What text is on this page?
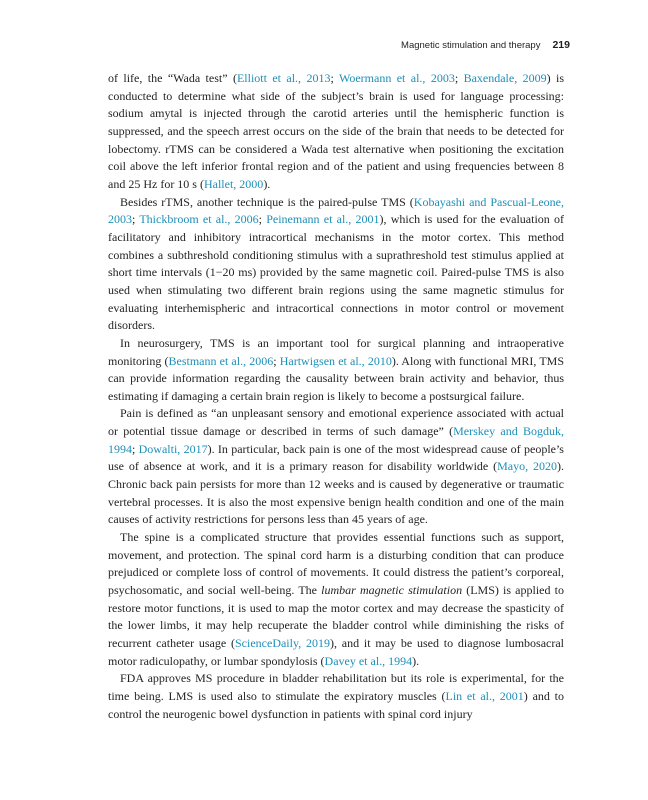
Magnetic stimulation and therapy 219

of life, the “Wada test” (Elliott et al., 2013; Woermann et al., 2003; Baxendale, 2009) is conducted to determine what side of the subject’s brain is used for language processing: sodium amytal is injected through the carotid arteries until the hemispheric function is suppressed, and the speech arrest occurs on the side of the brain that needs to be detected for lobectomy. rTMS can be considered a Wada test alternative when positioning the excitation coil above the left inferior frontal region and of the patient and using frequencies between 8 and 25 Hz for 10 s (Hallet, 2000).

Besides rTMS, another technique is the paired-pulse TMS (Kobayashi and Pascual-Leone, 2003; Thickbroom et al., 2006; Peinemann et al., 2001), which is used for the evaluation of facilitatory and inhibitory intracortical mechanisms in the motor cortex. This method combines a subthreshold conditioning stimulus with a suprathreshold test stimulus applied at short time intervals (1−20 ms) provided by the same magnetic coil. Paired-pulse TMS is also used when stimulating two different brain regions using the same magnetic stimulus for evaluating interhemispheric and intracortical connections in motor control or movement disorders.

In neurosurgery, TMS is an important tool for surgical planning and intraoperative monitoring (Bestmann et al., 2006; Hartwigsen et al., 2010). Along with functional MRI, TMS can provide information regarding the causality between brain activity and behavior, thus estimating if damaging a certain brain region is likely to become a postsurgical failure.

Pain is defined as “an unpleasant sensory and emotional experience associated with actual or potential tissue damage or described in terms of such damage” (Merskey and Bogduk, 1994; Dowalti, 2017). In particular, back pain is one of the most widespread cause of people’s use of absence at work, and it is a primary reason for disability worldwide (Mayo, 2020). Chronic back pain persists for more than 12 weeks and is caused by degenerative or traumatic vertebral processes. It is also the most expensive benign health condition and one of the main causes of activity restrictions for persons less than 45 years of age.

The spine is a complicated structure that provides essential functions such as support, movement, and protection. The spinal cord harm is a disturbing condition that can produce prejudiced or complete loss of control of movements. It could distress the patient’s corporeal, psychosomatic, and social well-being. The lumbar magnetic stimulation (LMS) is applied to restore motor functions, it is used to map the motor cortex and may decrease the spasticity of the lower limbs, it may help recuperate the bladder control while diminishing the risks of recurrent catheter usage (ScienceDaily, 2019), and it may be used to diagnose lumbosacral motor radiculopathy, or lumbar spondylosis (Davey et al., 1994).

FDA approves MS procedure in bladder rehabilitation but its role is experimental, for the time being. LMS is used also to stimulate the expiratory muscles (Lin et al., 2001) and to control the neurogenic bowel dysfunction in patients with spinal cord injury
